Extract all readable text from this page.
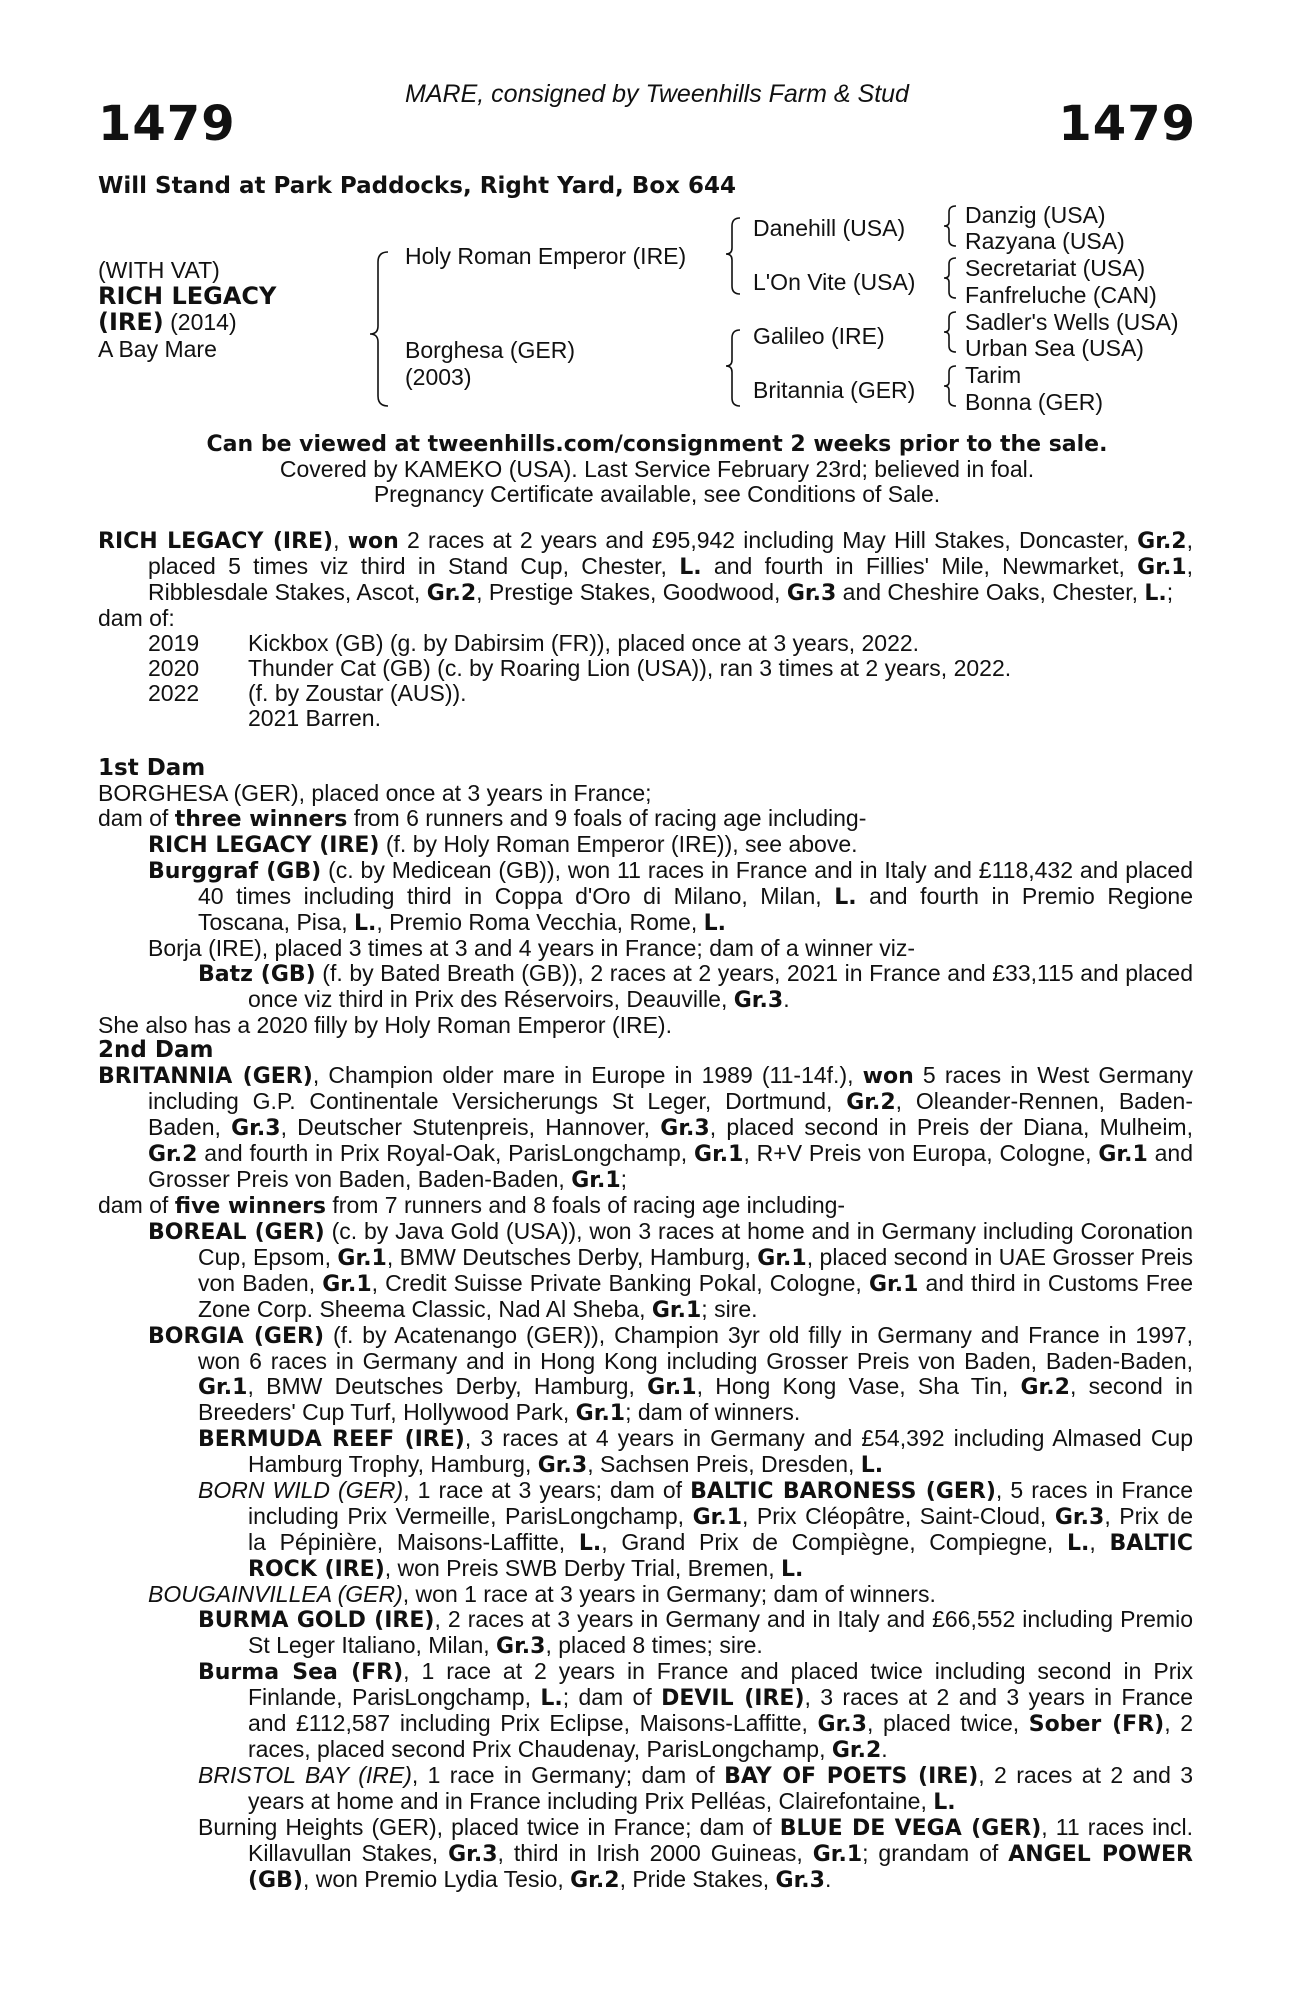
MARE, consigned by Tweenhills Farm & Stud
1479	1479
Will Stand at Park Paddocks, Right Yard, Box 644
(WITH VAT)
RICH LEGACY
(IRE) (2014)
A Bay Mare
Holy Roman Emperor (IRE)
Borghesa (GER)
(2003)
Danehill (USA)
L'On Vite (USA)
Galileo (IRE)
Britannia (GER)
Danzig (USA)
Razyana (USA)
Secretariat (USA)
Fanfreluche (CAN)
Sadler's Wells (USA)
Urban Sea (USA)
Tarim
Bonna (GER)
Can be viewed at tweenhills.com/consignment 2 weeks prior to the sale.
Covered by KAMEKO (USA). Last Service February 23rd; believed in foal.
Pregnancy Certificate available, see Conditions of Sale.

RICH LEGACY (IRE), won 2 races at 2 years and £95,942 including May Hill Stakes, Doncaster, Gr.2, placed 5 times viz third in Stand Cup, Chester, L. and fourth in Fillies' Mile, Newmarket, Gr.1, Ribblesdale Stakes, Ascot, Gr.2, Prestige Stakes, Goodwood, Gr.3 and Cheshire Oaks, Chester, L.;

dam of:

2019	Kickbox (GB) (g. by Dabirsim (FR)), placed once at 3 years, 2022.
2020	Thunder Cat (GB) (c. by Roaring Lion (USA)), ran 3 times at 2 years, 2022.
2022	(f. by Zoustar (AUS)).
2021 Barren.

1st Dam

BORGHESA (GER), placed once at 3 years in France;

dam of three winners from 6 runners and 9 foals of racing age including-

RICH LEGACY (IRE) (f. by Holy Roman Emperor (IRE)), see above.

Burggraf (GB) (c. by Medicean (GB)), won 11 races in France and in Italy and £118,432 and placed 40 times including third in Coppa d'Oro di Milano, Milan, L. and fourth in Premio Regione Toscana, Pisa, L., Premio Roma Vecchia, Rome, L.

Borja (IRE), placed 3 times at 3 and 4 years in France; dam of a winner viz-

Batz (GB) (f. by Bated Breath (GB)), 2 races at 2 years, 2021 in France and £33,115 and placed once viz third in Prix des Réservoirs, Deauville, Gr.3.

She also has a 2020 filly by Holy Roman Emperor (IRE).

2nd Dam

BRITANNIA (GER), Champion older mare in Europe in 1989 (11-14f.), won 5 races in West Germany including G.P. Continentale Versicherungs St Leger, Dortmund, Gr.2, Oleander-Rennen, Baden-Baden, Gr.3, Deutscher Stutenpreis, Hannover, Gr.3, placed second in Preis der Diana, Mulheim, Gr.2 and fourth in Prix Royal-Oak, ParisLongchamp, Gr.1, R+V Preis von Europa, Cologne, Gr.1 and Grosser Preis von Baden, Baden-Baden, Gr.1;

dam of five winners from 7 runners and 8 foals of racing age including-

BOREAL (GER) (c. by Java Gold (USA)), won 3 races at home and in Germany including Coronation Cup, Epsom, Gr.1, BMW Deutsches Derby, Hamburg, Gr.1, placed second in UAE Grosser Preis von Baden, Gr.1, Credit Suisse Private Banking Pokal, Cologne, Gr.1 and third in Customs Free Zone Corp. Sheema Classic, Nad Al Sheba, Gr.1; sire.

BORGIA (GER) (f. by Acatenango (GER)), Champion 3yr old filly in Germany and France in 1997, won 6 races in Germany and in Hong Kong including Grosser Preis von Baden, Baden-Baden, Gr.1, BMW Deutsches Derby, Hamburg, Gr.1, Hong Kong Vase, Sha Tin, Gr.2, second in Breeders' Cup Turf, Hollywood Park, Gr.1; dam of winners.

BERMUDA REEF (IRE), 3 races at 4 years in Germany and £54,392 including Almased Cup Hamburg Trophy, Hamburg, Gr.3, Sachsen Preis, Dresden, L.

BORN WILD (GER), 1 race at 3 years; dam of BALTIC BARONESS (GER), 5 races in France including Prix Vermeille, ParisLongchamp, Gr.1, Prix Cléopâtre, Saint-Cloud, Gr.3, Prix de la Pépinière, Maisons-Laffitte, L., Grand Prix de Compiègne, Compiegne, L., BALTIC ROCK (IRE), won Preis SWB Derby Trial, Bremen, L.

BOUGAINVILLEA (GER), won 1 race at 3 years in Germany; dam of winners.

BURMA GOLD (IRE), 2 races at 3 years in Germany and in Italy and £66,552 including Premio St Leger Italiano, Milan, Gr.3, placed 8 times; sire.

Burma Sea (FR), 1 race at 2 years in France and placed twice including second in Prix Finlande, ParisLongchamp, L.; dam of DEVIL (IRE), 3 races at 2 and 3 years in France and £112,587 including Prix Eclipse, Maisons-Laffitte, Gr.3, placed twice, Sober (FR), 2 races, placed second Prix Chaudenay, ParisLongchamp, Gr.2.

BRISTOL BAY (IRE), 1 race in Germany; dam of BAY OF POETS (IRE), 2 races at 2 and 3 years at home and in France including Prix Pelléas, Clairefontaine, L.

Burning Heights (GER), placed twice in France; dam of BLUE DE VEGA (GER), 11 races incl. Killavullan Stakes, Gr.3, third in Irish 2000 Guineas, Gr.1; grandam of ANGEL POWER (GB), won Premio Lydia Tesio, Gr.2, Pride Stakes, Gr.3.
